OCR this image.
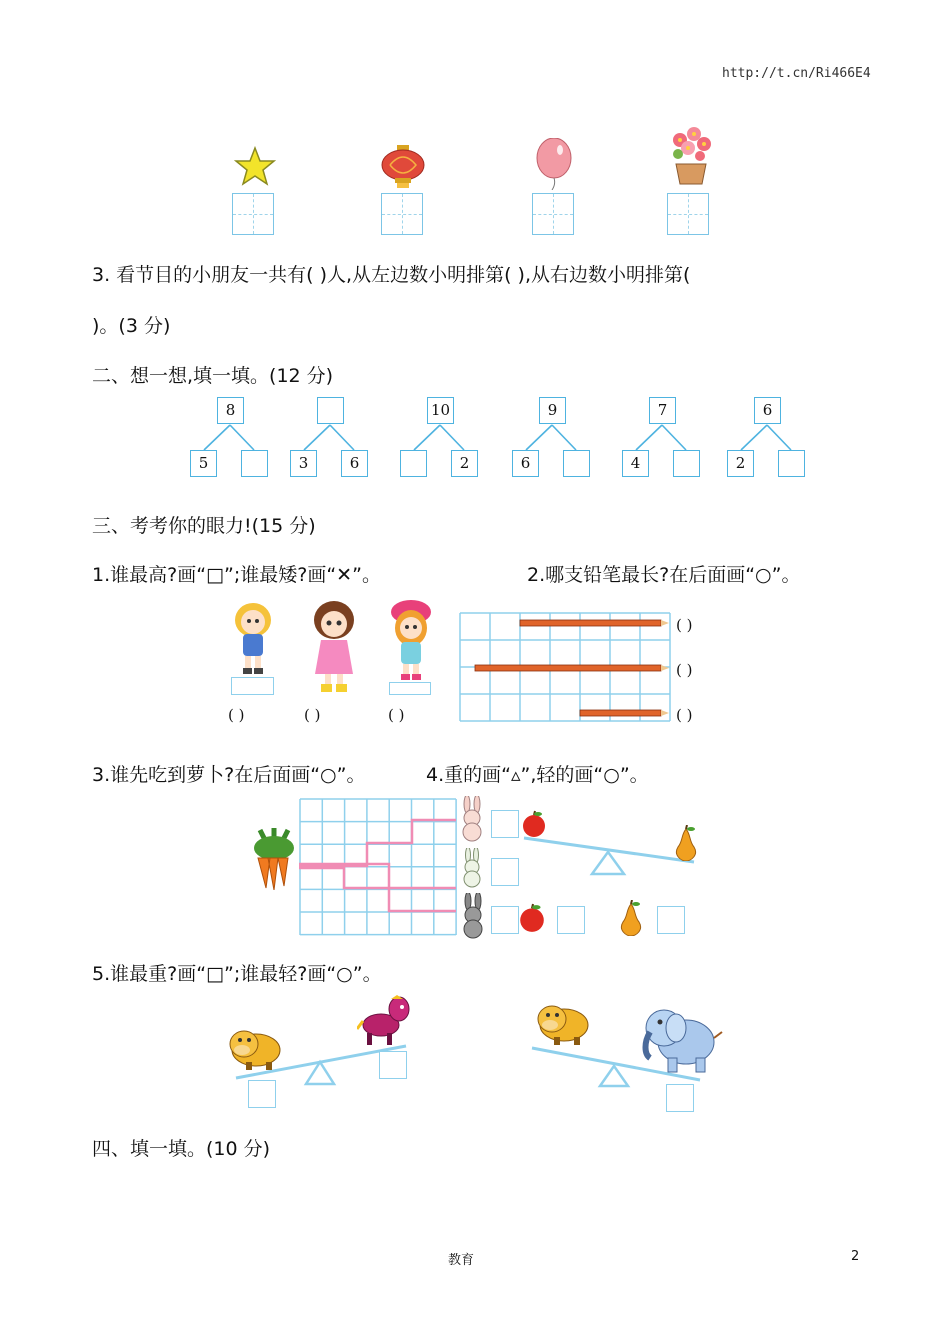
http://t.cn/Ri466E4
3. 看节目的小朋友一共有( )人,从左边数小明排第( ),从右边数小明排第(
)。(3 分)
二、想一想,填一填。(12 分)
8
5	3	6
10
2
9
6
7
4
6
2
三、考考你的眼力!(15 分)
1.谁最高?画“□”;谁最矮?画“✕”。	2.哪支铅笔最长?在后面画“○”。
( )	( )	( )
( )
( )
( )
3.谁先吃到萝卜?在后面画“○”。	4.重的画“▵”,轻的画“○”。
5.谁最重?画“□”;谁最轻?画“○”。
四、填一填。(10 分)
教育	2
